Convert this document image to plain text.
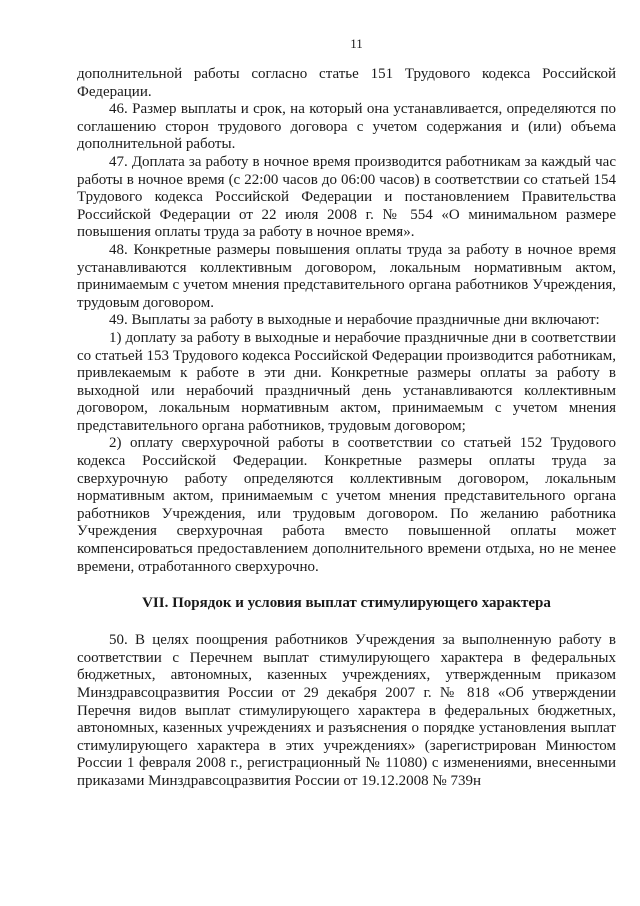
11

дополнительной работы согласно статье 151 Трудового кодекса Российской Федерации.

46. Размер выплаты и срок, на который она устанавливается, определяются по соглашению сторон трудового договора с учетом содержания и (или) объема дополнительной работы.

47. Доплата за работу в ночное время производится работникам за каждый час работы в ночное время (с 22:00 часов до 06:00 часов) в соответствии со статьей 154 Трудового кодекса Российской Федерации и постановлением Правительства Российской Федерации от 22 июля 2008 г. № 554 «О минимальном размере повышения оплаты труда за работу в ночное время».

48. Конкретные размеры повышения оплаты труда за работу в ночное время устанавливаются коллективным договором, локальным нормативным актом, принимаемым с учетом мнения представительного органа работников Учреждения, трудовым договором.

49. Выплаты за работу в выходные и нерабочие праздничные дни включают:

1) доплату за работу в выходные и нерабочие праздничные дни в соответствии со статьей 153 Трудового кодекса Российской Федерации производится работникам, привлекаемым к работе в эти дни. Конкретные размеры оплаты за работу в выходной или нерабочий праздничный день устанавливаются коллективным договором, локальным нормативным актом, принимаемым с учетом мнения представительного органа работников, трудовым договором;

2) оплату сверхурочной работы в соответствии со статьей 152 Трудового кодекса Российской Федерации. Конкретные размеры оплаты труда за сверхурочную работу определяются коллективным договором, локальным нормативным актом, принимаемым с учетом мнения представительного органа работников Учреждения, или трудовым договором. По желанию работника Учреждения сверхурочная работа вместо повышенной оплаты может компенсироваться предоставлением дополнительного времени отдыха, но не менее времени, отработанного сверхурочно.

VII. Порядок и условия выплат стимулирующего характера

50. В целях поощрения работников Учреждения за выполненную работу в соответствии с Перечнем выплат стимулирующего характера в федеральных бюджетных, автономных, казенных учреждениях, утвержденным приказом Минздравсоцразвития России от 29 декабря 2007 г. № 818 «Об утверждении Перечня видов выплат стимулирующего характера в федеральных бюджетных, автономных, казенных учреждениях и разъяснения о порядке установления выплат стимулирующего характера в этих учреждениях» (зарегистрирован Минюстом России 1 февраля 2008 г., регистрационный № 11080) с изменениями, внесенными приказами Минздравсоцразвития России от 19.12.2008 № 739н
